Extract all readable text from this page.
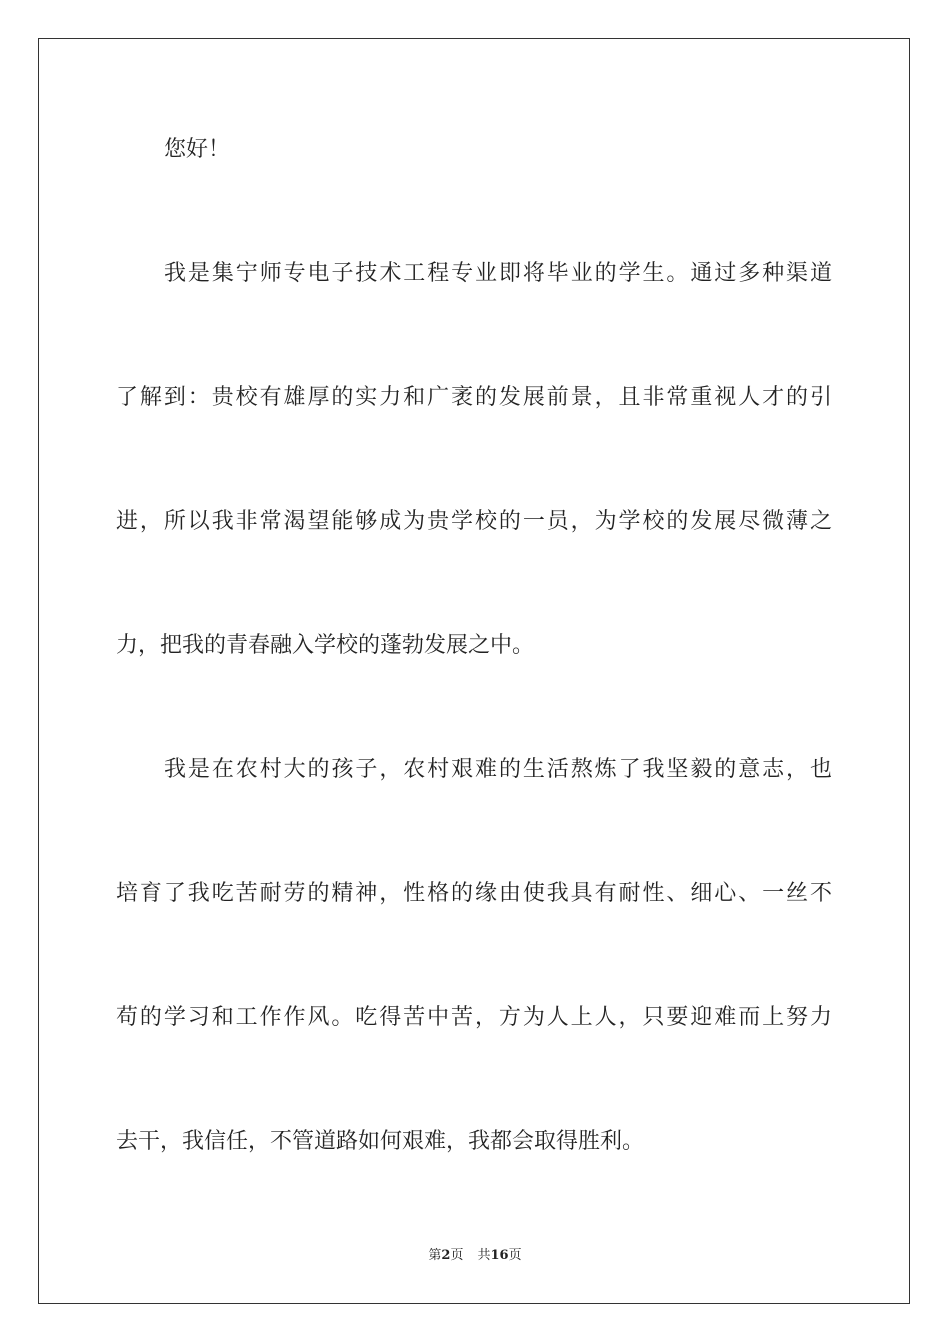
您好！
我是集宁师专电子技术工程专业即将毕业的学生。通过多种渠道
了解到：贵校有雄厚的实力和广袤的发展前景，且非常重视人才的引
进，所以我非常渴望能够成为贵学校的一员，为学校的发展尽微薄之
力，把我的青春融入学校的蓬勃发展之中。
我是在农村大的孩子，农村艰难的生活熬炼了我坚毅的意志，也
培育了我吃苦耐劳的精神，性格的缘由使我具有耐性、细心、一丝不
苟的学习和工作作风。吃得苦中苦，方为人上人，只要迎难而上努力
去干，我信任，不管道路如何艰难，我都会取得胜利。
第2页 共16页
